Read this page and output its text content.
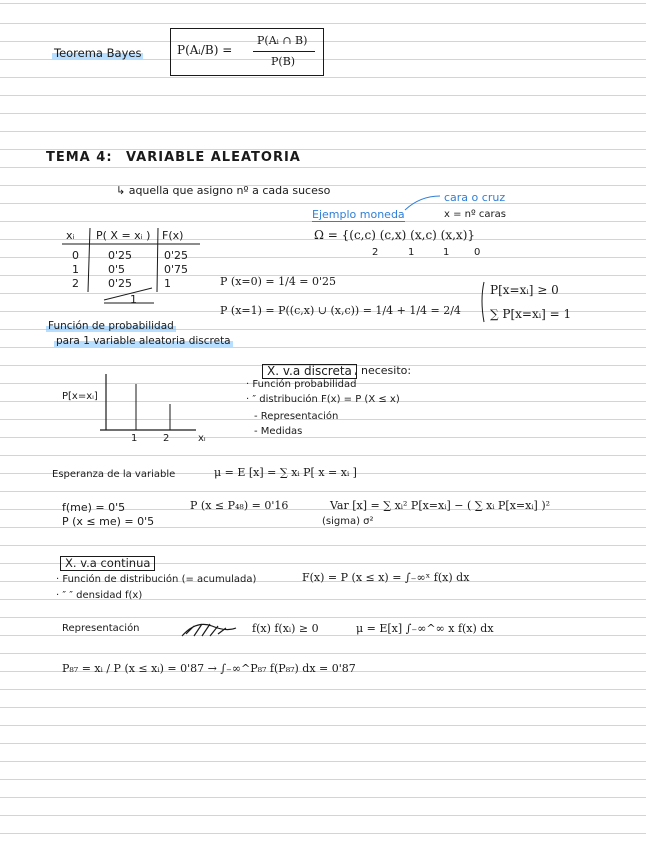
Teorema Bayes	P(Aᵢ/B) =
P(Aᵢ ∩ B)
P(B)
TEMA 4: VARIABLE ALEATORIA
↳ aquella que asigno nº a cada suceso
cara o cruz
Ejemplo moneda	x = nº caras
Ω = {(c,c) (c,x) (x,c) (x,x)}
2	1	1 0
xᵢ P( X = xᵢ ) F(x)
0	0'25	0'25
1	0'5	0'75
2	0'25	1
1
P (x=0) = 1/4 = 0'25
P (x=1) = P((c,x) ∪ (x,c)) = 1/4 + 1/4 = 2/4
P[x=xᵢ] ≥ 0
∑ P[x=xᵢ] = 1
Función de probabilidad
para 1 variable aleatoria discreta
X. v.a discreta , necesito:
· Función probabilidad
· ″ distribución F(x) = P (X ≤ x)
- Representación
- Medidas
P[x=xᵢ]
1	2	xᵢ
Esperanza de la variable	μ = E [x] = ∑ xᵢ P[ x = xᵢ ]
f(me) = 0'5
P (x ≤ me) = 0'5
P (x ≤ P₄₈) = 0'16	Var [x] = ∑ xᵢ² P[x=xᵢ] − ( ∑ xᵢ P[x=xᵢ] )²
(sigma) σ²
X. v.a continua
· Función de distribución (= acumulada)	F(x) = P (x ≤ x) = ∫₋∞ˣ f(x) dx
· ″ ″ densidad f(x)
Representación	f(x) f(xᵢ) ≥ 0	μ = E[x] ∫₋∞^∞ x f(x) dx
P₈₇ = xᵢ / P (x ≤ xᵢ) = 0'87 → ∫₋∞^P₈₇ f(P₈₇) dx = 0'87
